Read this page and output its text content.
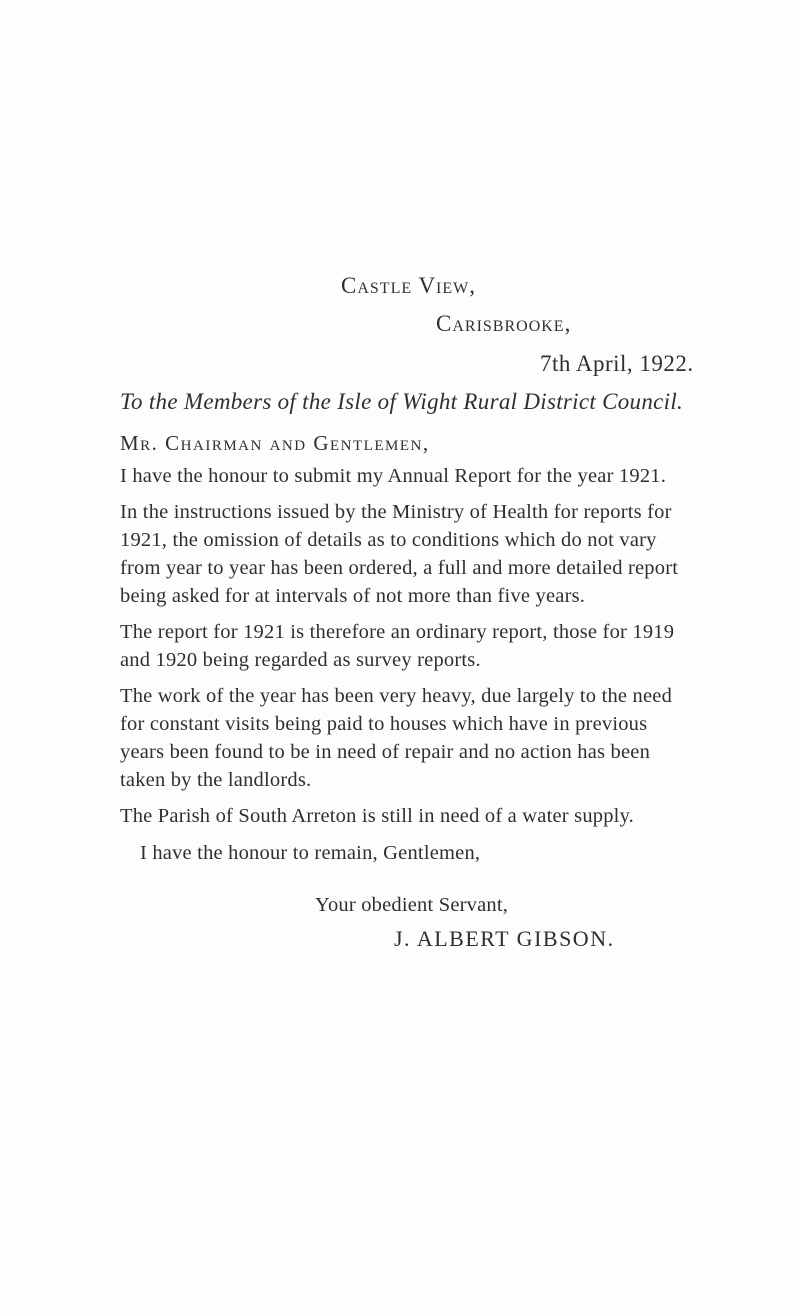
Castle View,
Carisbrooke,
7th April, 1922.
To the Members of the Isle of Wight Rural District Council.
Mr. Chairman and Gentlemen,

I have the honour to submit my Annual Report for the year 1921.

In the instructions issued by the Ministry of Health for reports for 1921, the omission of details as to conditions which do not vary from year to year has been ordered, a full and more detailed report being asked for at intervals of not more than five years.

The report for 1921 is therefore an ordinary report, those for 1919 and 1920 being regarded as survey reports.

The work of the year has been very heavy, due largely to the need for constant visits being paid to houses which have in previous years been found to be in need of repair and no action has been taken by the landlords.

The Parish of South Arreton is still in need of a water supply.

I have the honour to remain, Gentlemen,
Your obedient Servant,
J. ALBERT GIBSON.
